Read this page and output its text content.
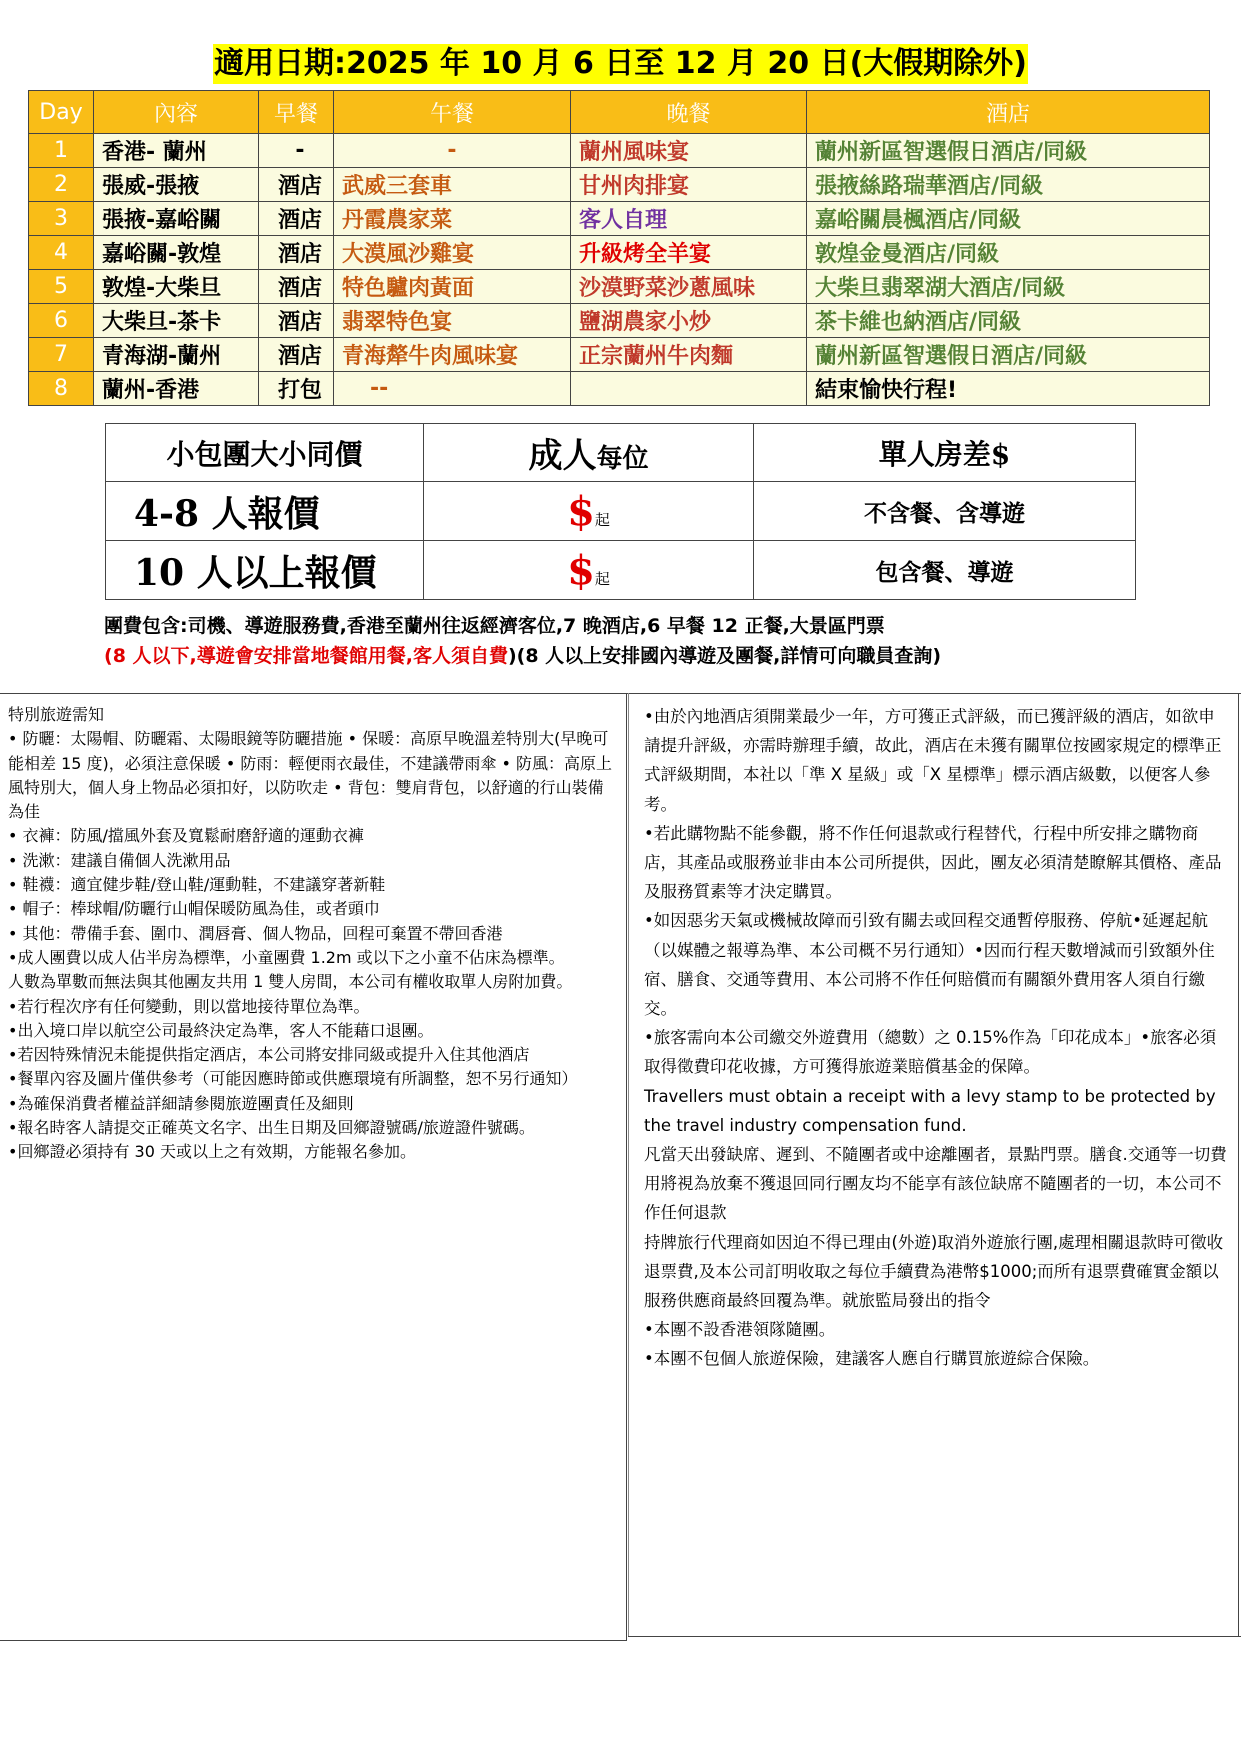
適用日期:2025 年 10 月 6 日至 12 月 20 日(大假期除外)
Day	內容	早餐	午餐	晚餐	酒店
1	香港- 蘭州	-	-	蘭州風味宴	蘭州新區智選假日酒店/同級
2	張威-張掖	酒店	武威三套車	甘州肉排宴	張掖絲路瑞華酒店/同級
3	張掖-嘉峪關	酒店	丹霞農家菜	客人自理	嘉峪關晨楓酒店/同級
4	嘉峪關-敦煌	酒店	大漠風沙雞宴	升級烤全羊宴	敦煌金曼酒店/同級
5	敦煌-大柴旦	酒店	特色驢肉黃面	沙漠野菜沙蔥風味	大柴旦翡翠湖大酒店/同級
6	大柴旦-茶卡	酒店	翡翠特色宴	鹽湖農家小炒	茶卡維也納酒店/同級
7	青海湖-蘭州	酒店	青海犛牛肉風味宴	正宗蘭州牛肉麵	蘭州新區智選假日酒店/同級
8	蘭州-香港	打包	--		結束愉快行程!
小包團大小同價	成人每位	單人房差$
4-8 人報價	$起	不含餐、含導遊
10 人以上報價	$起	包含餐、導遊
團費包含:司機、導遊服務費,香港至蘭州往返經濟客位,7 晚酒店,6 早餐 12 正餐,大景區門票
(8 人以下,導遊會安排當地餐館用餐,客人須自費)(8 人以上安排國內導遊及團餐,詳情可向職員查詢)

特別旅遊需知

• 防曬：太陽帽、防曬霜、太陽眼鏡等防曬措施 • 保暖：高原早晚溫差特別大(早晚可能相差 15 度)，必須注意保暖 • 防雨：輕便雨衣最佳，不建議帶雨傘 • 防風：高原上風特別大，個人身上物品必須扣好，以防吹走 • 背包：雙肩背包，以舒適的行山裝備為佳

• 衣褲：防風/擋風外套及寬鬆耐磨舒適的運動衣褲

• 洗漱：建議自備個人洗漱用品

• 鞋襪：適宜健步鞋/登山鞋/運動鞋，不建議穿著新鞋

• 帽子：棒球帽/防曬行山帽保暖防風為佳，或者頭巾

• 其他：帶備手套、圍巾、潤唇膏、個人物品，回程可棄置不帶回香港

•成人團費以成人佔半房為標準，小童團費 1.2m 或以下之小童不佔床為標準。

人數為單數而無法與其他團友共用 1 雙人房間，本公司有權收取單人房附加費。

•若行程次序有任何變動，則以當地接待單位為準。

•出入境口岸以航空公司最終決定為準，客人不能藉口退團。

•若因特殊情況未能提供指定酒店，本公司將安排同級或提升入住其他酒店

•餐單內容及圖片僅供參考（可能因應時節或供應環境有所調整，恕不另行通知）

•為確保消費者權益詳細請參閱旅遊團責任及細則

•報名時客人請提交正確英文名字、出生日期及回鄉證號碼/旅遊證件號碼。

•回鄉證必須持有 30 天或以上之有效期，方能報名參加。

•由於內地酒店須開業最少一年，方可獲正式評級，而已獲評級的酒店，如欲申請提升評級，亦需時辦理手續，故此，酒店在未獲有關單位按國家規定的標準正式評級期間，本社以「準 X 星級」或「X 星標準」標示酒店級數，以便客人參考。

•若此購物點不能參觀，將不作任何退款或行程替代，行程中所安排之購物商店，其產品或服務並非由本公司所提供，因此，團友必須清楚瞭解其價格、產品及服務質素等才決定購買。

•如因惡劣天氣或機械故障而引致有關去或回程交通暫停服務、停航•延遲起航（以媒體之報導為準、本公司概不另行通知）•因而行程天數增減而引致額外住宿、膳食、交通等費用、本公司將不作任何賠償而有關額外費用客人須自行繳交。

•旅客需向本公司繳交外遊費用（總數）之 0.15%作為「印花成本」•旅客必須取得徵費印花收據，方可獲得旅遊業賠償基金的保障。

Travellers must obtain a receipt with a levy stamp to be protected by the travel industry compensation fund.

凡當天出發缺席、遲到、不隨團者或中途離團者，景點門票。膳食.交通等一切費用將視為放棄不獲退回同行團友均不能享有該位缺席不隨團者的一切，本公司不作任何退款

持牌旅行代理商如因迫不得已理由(外遊)取消外遊旅行團,處理相關退款時可徵收退票費,及本公司訂明收取之每位手續費為港幣$1000;而所有退票費確實金額以服務供應商最終回覆為準。就旅監局發出的指令

•本團不設香港領隊隨團。

•本團不包個人旅遊保險，建議客人應自行購買旅遊綜合保險。
